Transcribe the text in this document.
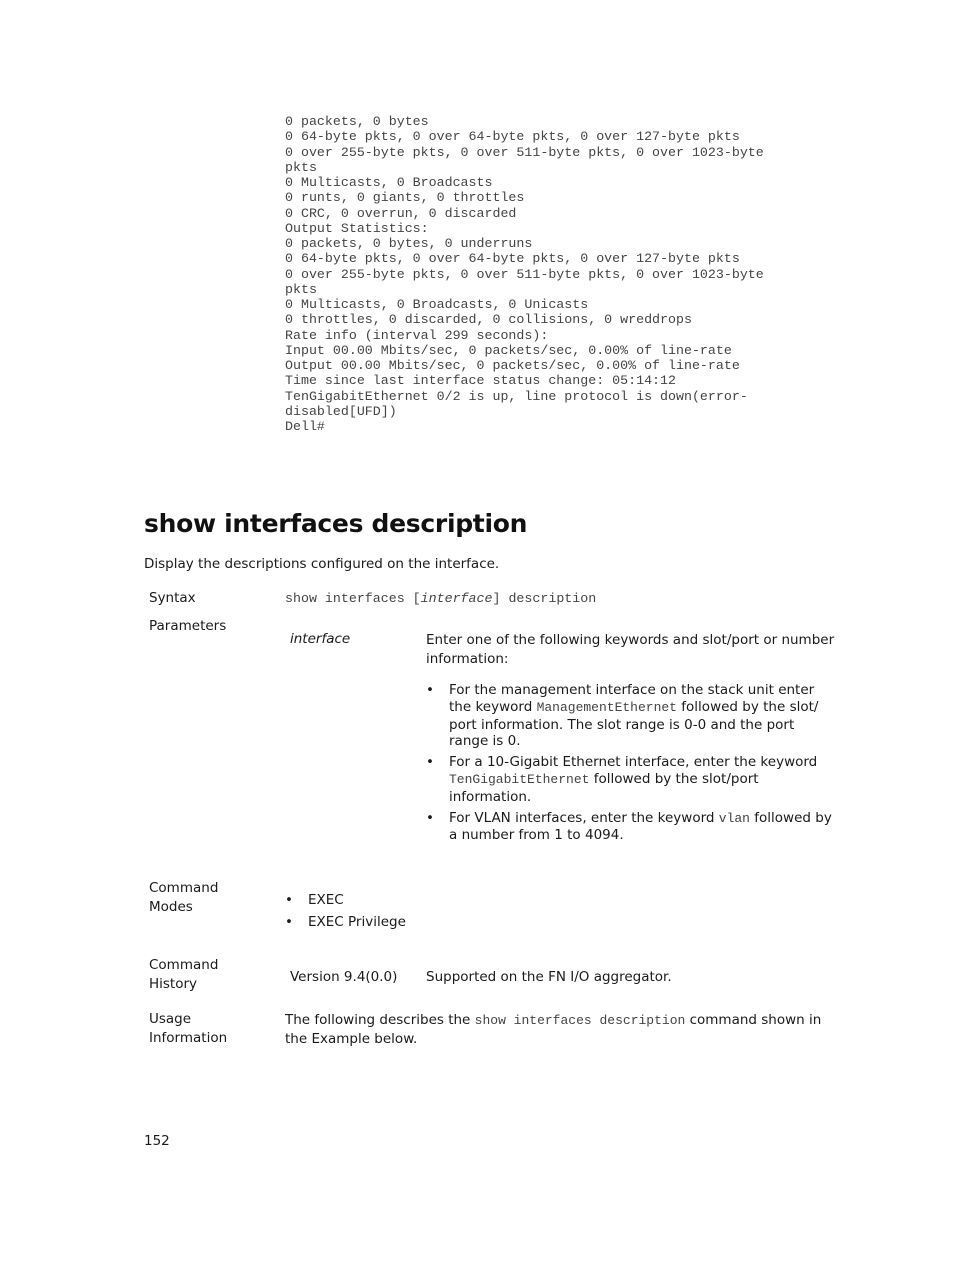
0 packets, 0 bytes
0 64-byte pkts, 0 over 64-byte pkts, 0 over 127-byte pkts
0 over 255-byte pkts, 0 over 511-byte pkts, 0 over 1023-byte
pkts
0 Multicasts, 0 Broadcasts
0 runts, 0 giants, 0 throttles
0 CRC, 0 overrun, 0 discarded
Output Statistics:
0 packets, 0 bytes, 0 underruns
0 64-byte pkts, 0 over 64-byte pkts, 0 over 127-byte pkts
0 over 255-byte pkts, 0 over 511-byte pkts, 0 over 1023-byte
pkts
0 Multicasts, 0 Broadcasts, 0 Unicasts
0 throttles, 0 discarded, 0 collisions, 0 wreddrops
Rate info (interval 299 seconds):
Input 00.00 Mbits/sec, 0 packets/sec, 0.00% of line-rate
Output 00.00 Mbits/sec, 0 packets/sec, 0.00% of line-rate
Time since last interface status change: 05:14:12
TenGigabitEthernet 0/2 is up, line protocol is down(error-
disabled[UFD])
Dell#
show interfaces description

Display the descriptions configured on the interface.

Syntax	show interfaces [interface] description
Parameters
interface	Enter one of the following keywords and slot/port or number information:
• For the management interface on the stack unit enter the keyword ManagementEthernet followed by the slot/ port information. The slot range is 0-0 and the port range is 0.
• For a 10-Gigabit Ethernet interface, enter the keyword TenGigabitEthernet followed by the slot/port information.
• For VLAN interfaces, enter the keyword vlan followed by a number from 1 to 4094.
Command
Modes
•	EXEC
• EXEC Privilege
Command
History	Version 9.4(0.0) Supported on the FN I/O aggregator.
Usage
Information
The following describes the show interfaces description command shown in the Example below.
152
